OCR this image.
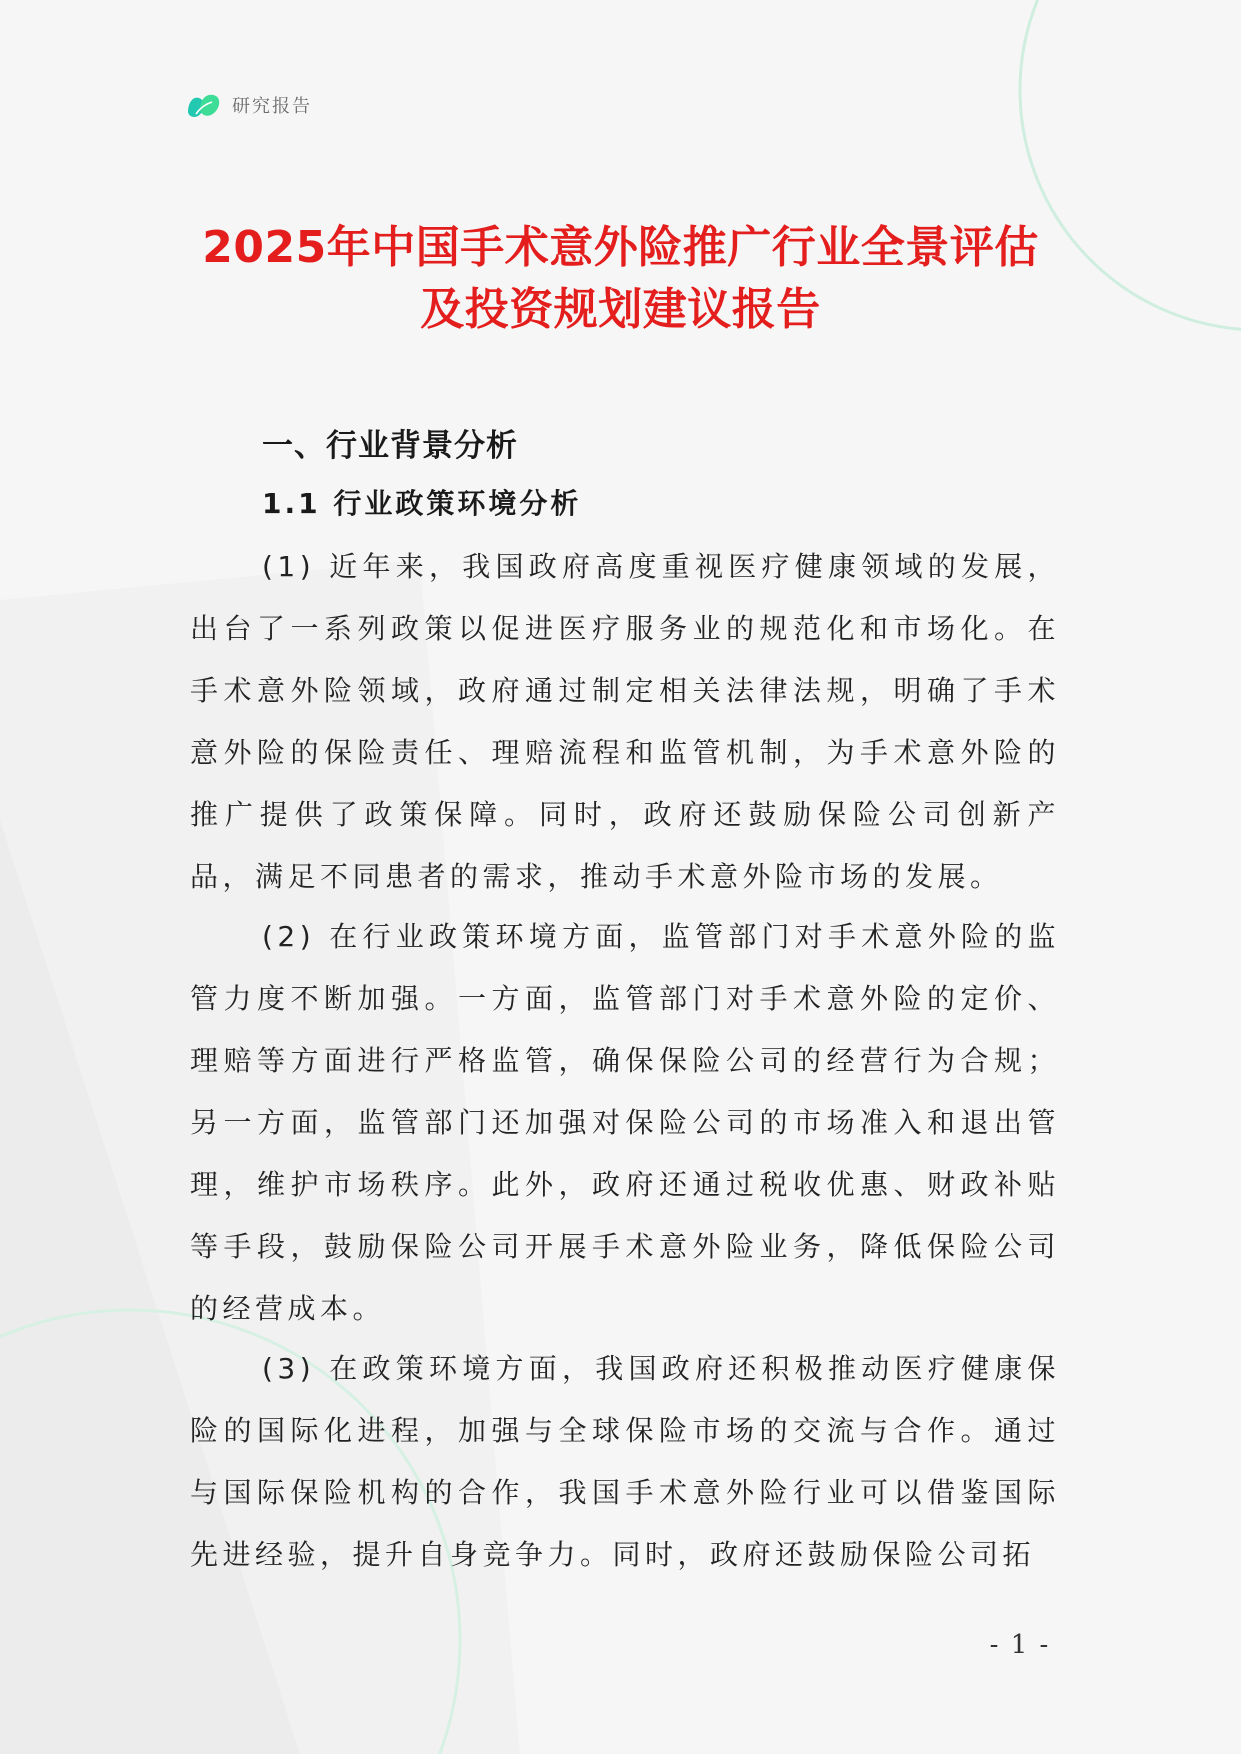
研究报告
2025年中国手术意外险推广行业全景评估
及投资规划建议报告
一、行业背景分析
1.1 行业政策环境分析

(1) 近年来，我国政府高度重视医疗健康领域的发展，出台了一系列政策以促进医疗服务业的规范化和市场化。在手术意外险领域，政府通过制定相关法律法规，明确了手术意外险的保险责任、理赔流程和监管机制，为手术意外险的推广提供了政策保障。同时，政府还鼓励保险公司创新产品，满足不同患者的需求，推动手术意外险市场的发展。

(2) 在行业政策环境方面，监管部门对手术意外险的监管力度不断加强。一方面，监管部门对手术意外险的定价、理赔等方面进行严格监管，确保保险公司的经营行为合规；另一方面，监管部门还加强对保险公司的市场准入和退出管理，维护市场秩序。此外，政府还通过税收优惠、财政补贴等手段，鼓励保险公司开展手术意外险业务，降低保险公司的经营成本。

(3) 在政策环境方面，我国政府还积极推动医疗健康保险的国际化进程，加强与全球保险市场的交流与合作。通过与国际保险机构的合作，我国手术意外险行业可以借鉴国际先进经验，提升自身竞争力。同时，政府还鼓励保险公司拓

- 1 -
